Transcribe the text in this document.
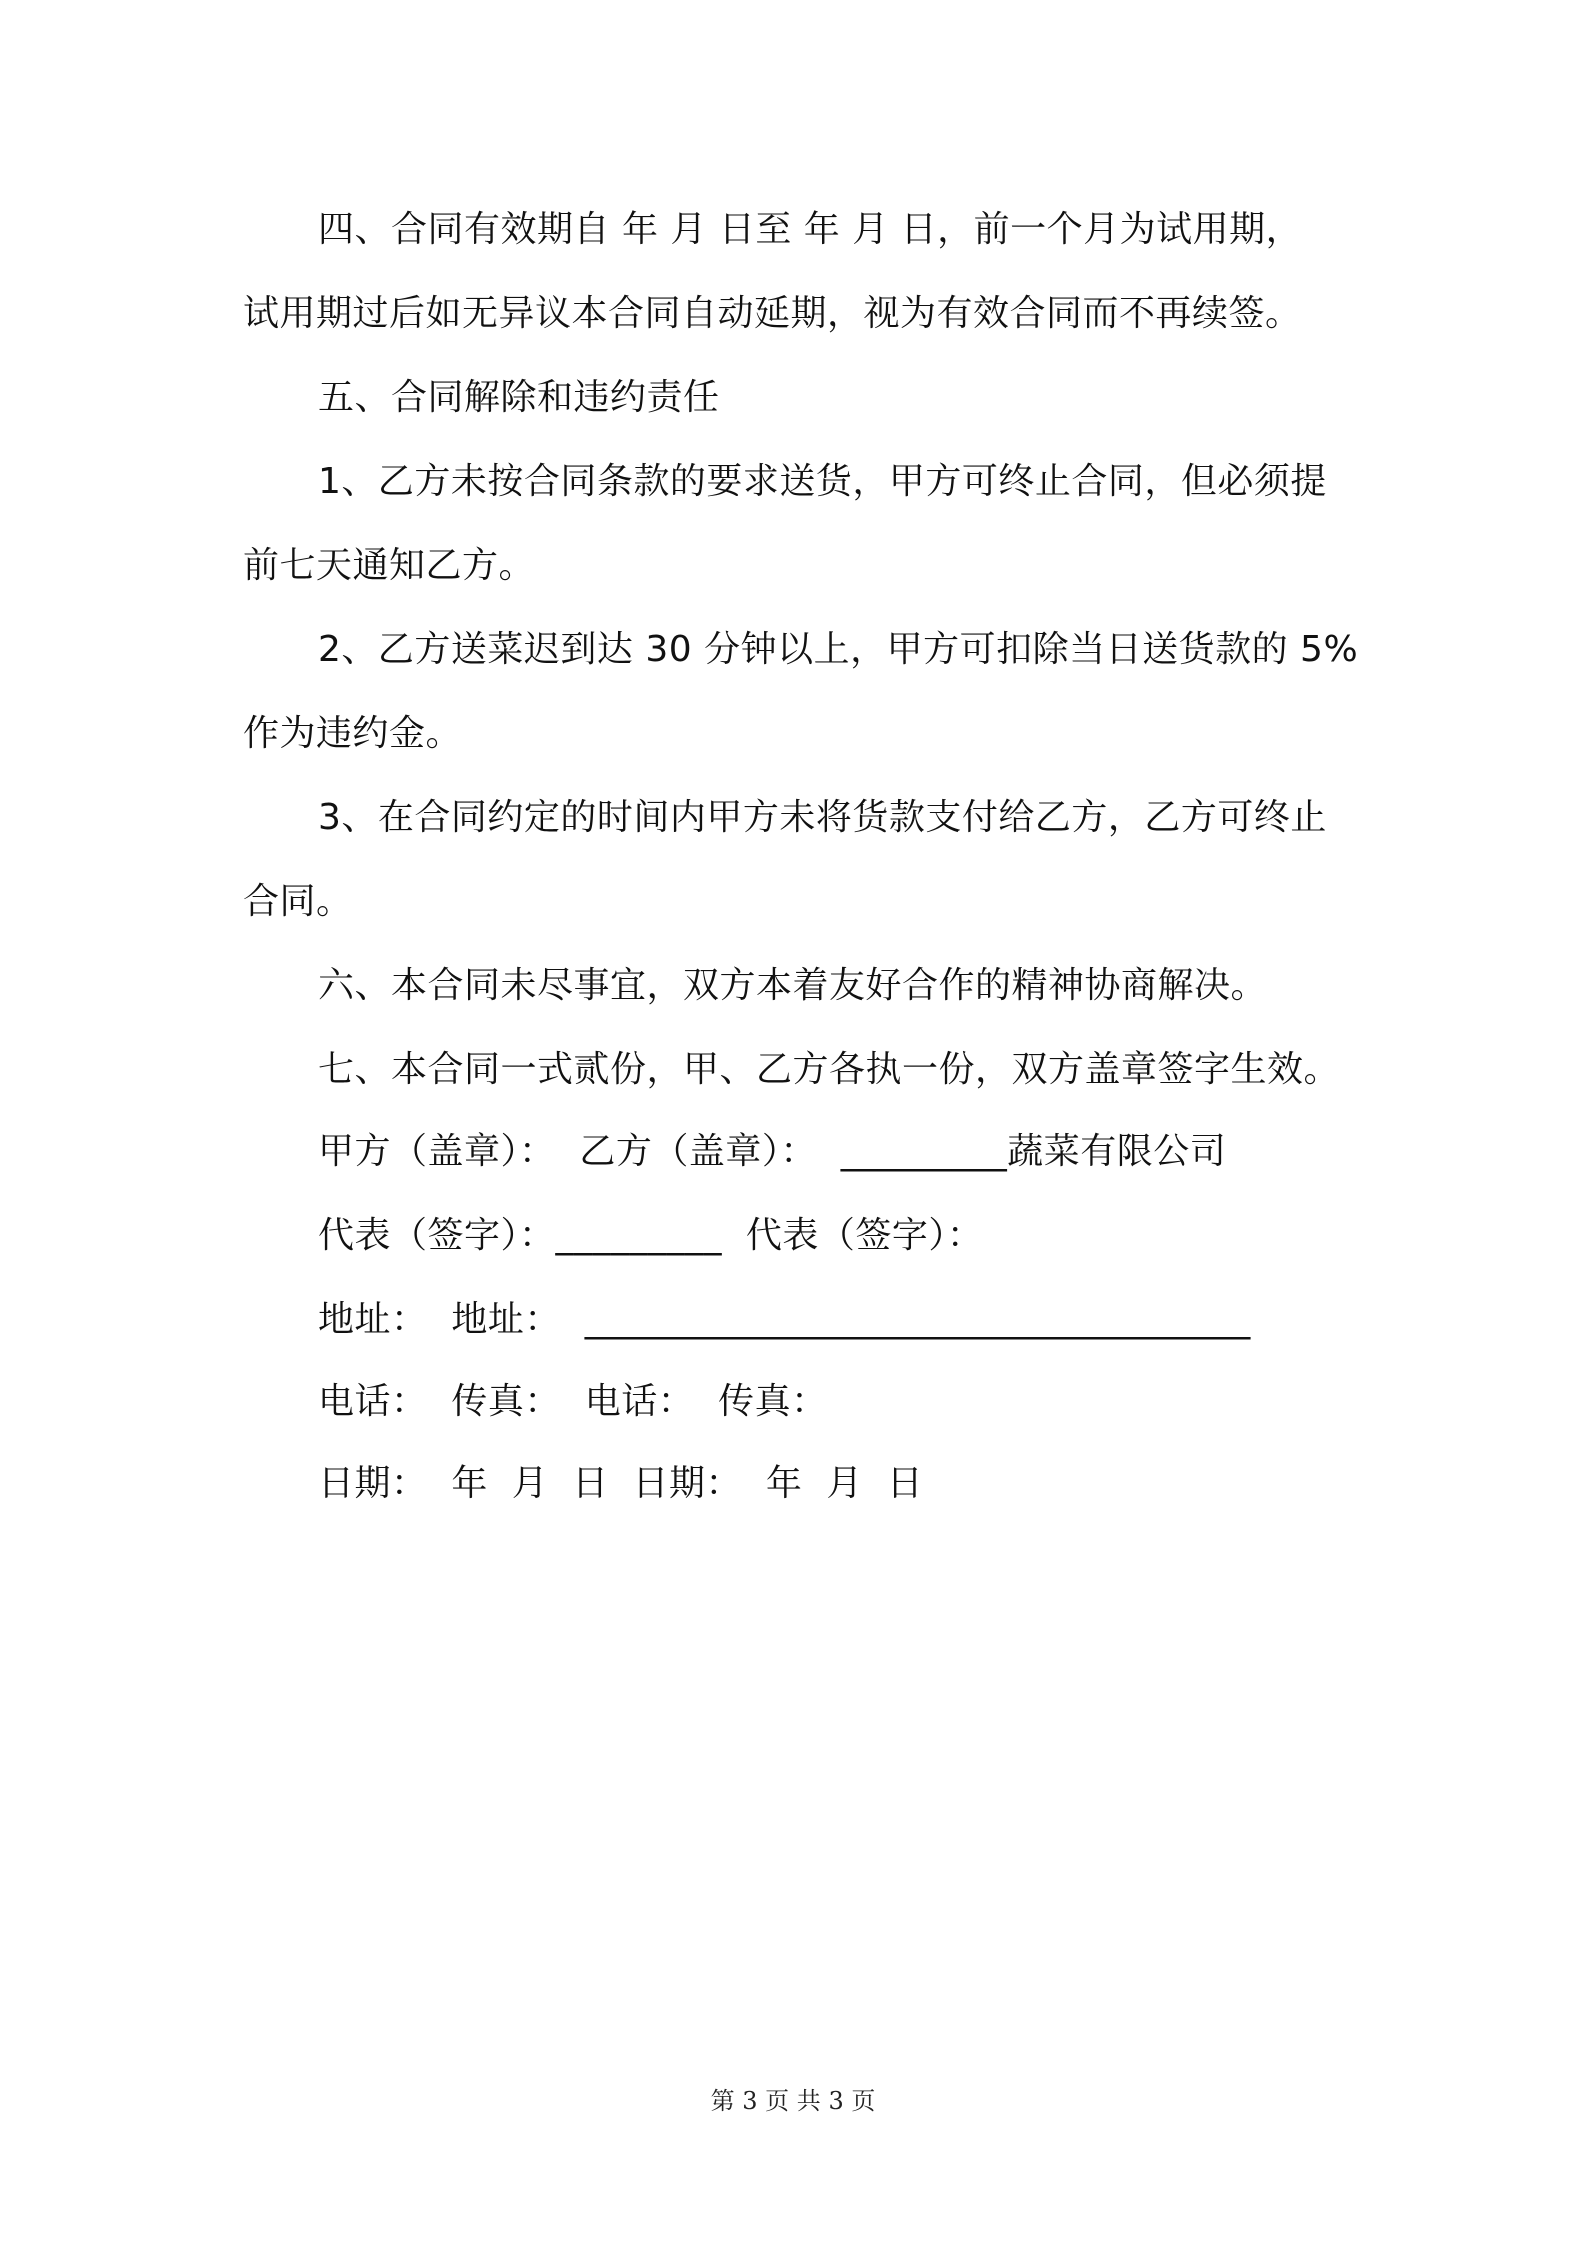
四、合同有效期自 年 月 日至 年 月 日，前一个月为试用期，
试用期过后如无异议本合同自动延期，视为有效合同而不再续签。
五、合同解除和违约责任
1、乙方未按合同条款的要求送货，甲方可终止合同，但必须提
前七天通知乙方。
2、乙方送菜迟到达 30 分钟以上，甲方可扣除当日送货款的 5%
作为违约金。
3、在合同约定的时间内甲方未将货款支付给乙方，乙方可终止
合同。
六、本合同未尽事宜，双方本着友好合作的精神协商解决。
七、本合同一式贰份，甲、乙方各执一份，双方盖章签字生效。
甲方（盖章）：  乙方（盖章）：  _________蔬菜有限公司
代表（签字）：_________  代表（签字）：
地址：  地址：  ____________________________________
电话：  传真：  电话：  传真：
日期：  年  月  日  日期：  年  月  日
第 3 页 共 3 页
